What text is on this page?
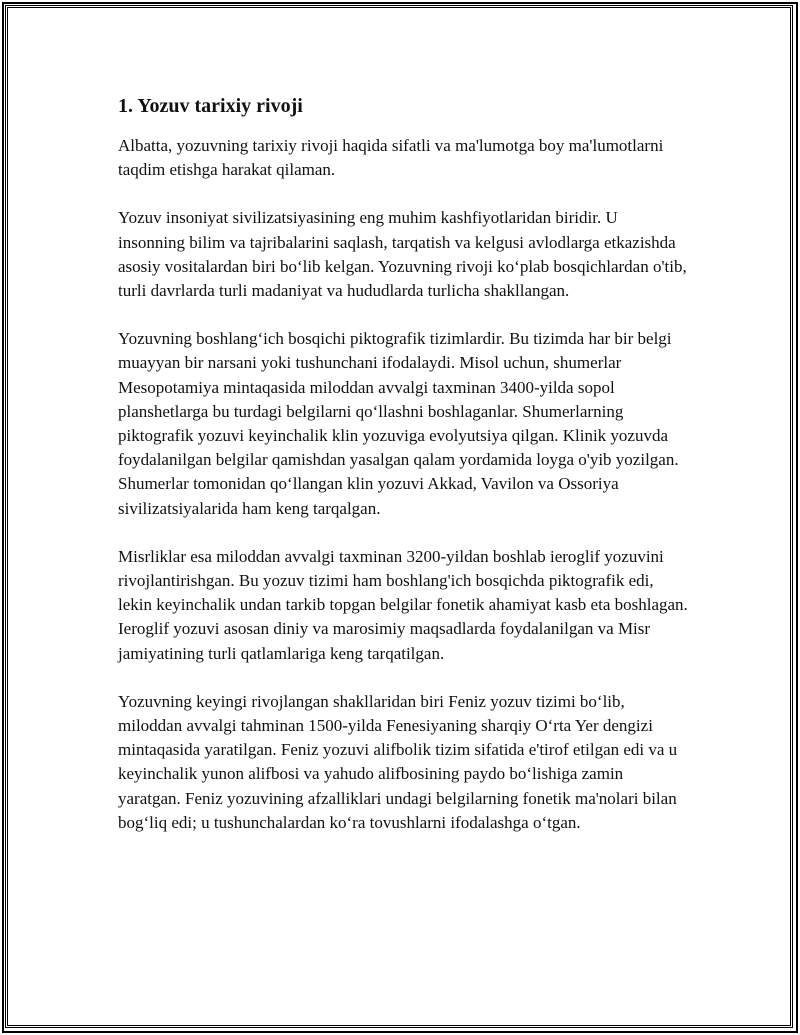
1. Yozuv tarixiy rivoji

Albatta, yozuvning tarixiy rivoji haqida sifatli va ma'lumotga boy ma'lumotlarni taqdim etishga harakat qilaman.

Yozuv insoniyat sivilizatsiyasining eng muhim kashfiyotlaridan biridir. U insonning bilim va tajribalarini saqlash, tarqatish va kelgusi avlodlarga etkazishda asosiy vositalardan biri bo‘lib kelgan. Yozuvning rivoji ko‘plab bosqichlardan o'tib, turli davrlarda turli madaniyat va hududlarda turlicha shakllangan.

Yozuvning boshlang‘ich bosqichi piktografik tizimlardir. Bu tizimda har bir belgi muayyan bir narsani yoki tushunchani ifodalaydi. Misol uchun, shumerlar Mesopotamiya mintaqasida miloddan avvalgi taxminan 3400-yilda sopol planshetlarga bu turdagi belgilarni qo‘llashni boshlaganlar. Shumerlarning piktografik yozuvi keyinchalik klin yozuviga evolyutsiya qilgan. Klinik yozuvda foydalanilgan belgilar qamishdan yasalgan qalam yordamida loyga o'yib yozilgan. Shumerlar tomonidan qo‘llangan klin yozuvi Akkad, Vavilon va Ossoriya sivilizatsiyalarida ham keng tarqalgan.

Misrliklar esa miloddan avvalgi taxminan 3200-yildan boshlab ieroglif yozuvini rivojlantirishgan. Bu yozuv tizimi ham boshlang'ich bosqichda piktografik edi, lekin keyinchalik undan tarkib topgan belgilar fonetik ahamiyat kasb eta boshlagan. Ieroglif yozuvi asosan diniy va marosimiy maqsadlarda foydalanilgan va Misr jamiyatining turli qatlamlariga keng tarqatilgan.

Yozuvning keyingi rivojlangan shakllaridan biri Feniz yozuv tizimi bo‘lib, miloddan avvalgi tahminan 1500-yilda Fenesiyaning sharqiy O‘rta Yer dengizi mintaqasida yaratilgan. Feniz yozuvi alifbolik tizim sifatida e'tirof etilgan edi va u keyinchalik yunon alifbosi va yahudo alifbosining paydo bo‘lishiga zamin yaratgan. Feniz yozuvining afzalliklari undagi belgilarning fonetik ma'nolari bilan bog‘liq edi; u tushunchalardan ko‘ra tovushlarni ifodalashga o‘tgan.
